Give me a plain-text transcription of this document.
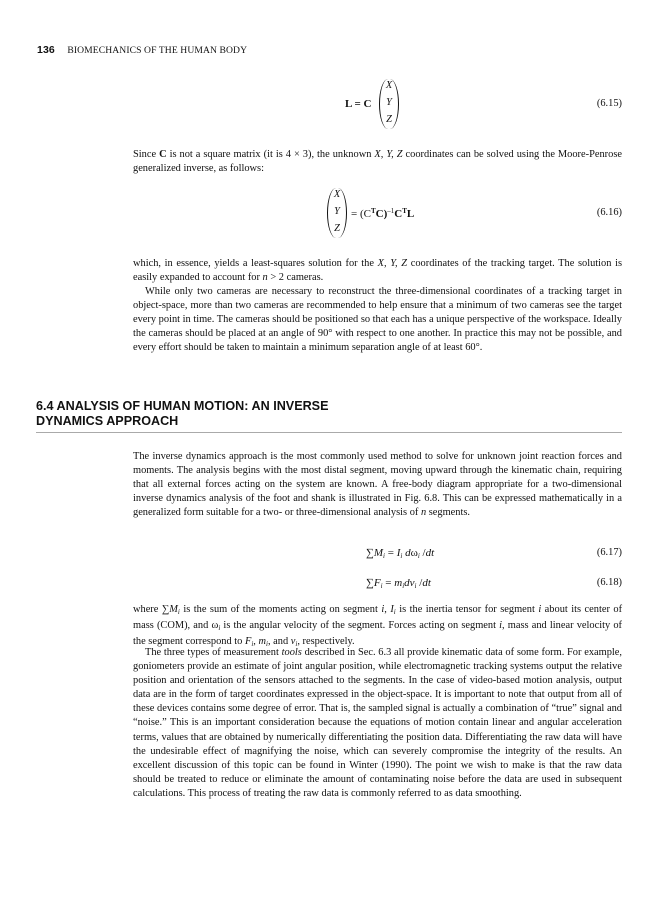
136 BIOMECHANICS OF THE HUMAN BODY
L = C
X
Y
Z
(6.15)

Since C is not a square matrix (it is 4 × 3), the unknown X, Y, Z coordinates can be solved using the Moore-Penrose generalized inverse, as follows:

X
Y
Z
= $(C^TC)^{-1}C^TL$	(6.16)

which, in essence, yields a least-squares solution for the X, Y, Z coordinates of the tracking target. The solution is easily expanded to account for n > 2 cameras.

While only two cameras are necessary to reconstruct the three-dimensional coordinates of a tracking target in object-space, more than two cameras are recommended to help ensure that a minimum of two cameras see the target every point in time. The cameras should be positioned so that each has a unique perspective of the workspace. Ideally the cameras should be placed at an angle of 90° with respect to one another. In practice this may not be possible, and every effort should be taken to maintain a minimum separation angle of at least 60°.

6.4 ANALYSIS OF HUMAN MOTION: AN INVERSE
DYNAMICS APPROACH

The inverse dynamics approach is the most commonly used method to solve for unknown joint reaction forces and moments. The analysis begins with the most distal segment, moving upward through the kinematic chain, requiring that all external forces acting on the system are known. A free-body diagram appropriate for a two-dimensional inverse dynamics analysis of the foot and shank is illustrated in Fig. 6.8. This can be expressed mathematically in a generalized form suitable for a two- or three-dimensional analysis of n segments.

$\sum M_i = I_i$ $d\omega_i$ /dt	(6.17)
$\sum F_i = m_idv_i$ /dt	(6.18)

where $\sum M_i$ is the sum of the moments acting on segment i, $I_i$ is the inertia tensor for segment i about its center of mass (COM), and $\omega_i$ is the angular velocity of the segment. Forces acting on segment i, mass and linear velocity of the segment correspond to $F_i$, $m_i$, and $v_i$, respectively.

The three types of measurement tools described in Sec. 6.3 all provide kinematic data of some form. For example, goniometers provide an estimate of joint angular position, while electromagnetic tracking systems output the relative position and orientation of the sensors attached to the segments. In the case of video-based motion analysis, output data are in the form of target coordinates expressed in the object-space. It is important to note that output from all of these devices contains some degree of error. That is, the sampled signal is actually a combination of “true” signal and “noise.” This is an important consideration because the equations of motion contain linear and angular acceleration terms, values that are obtained by numerically differentiating the position data. Differentiating the raw data will have the undesirable effect of magnifying the noise, which can severely compromise the integrity of the results. An excellent discussion of this topic can be found in Winter (1990). The point we wish to make is that the raw data should be treated to reduce or eliminate the amount of contaminating noise before the data are used in subsequent calculations. This process of treating the raw data is commonly referred to as data smoothing.
